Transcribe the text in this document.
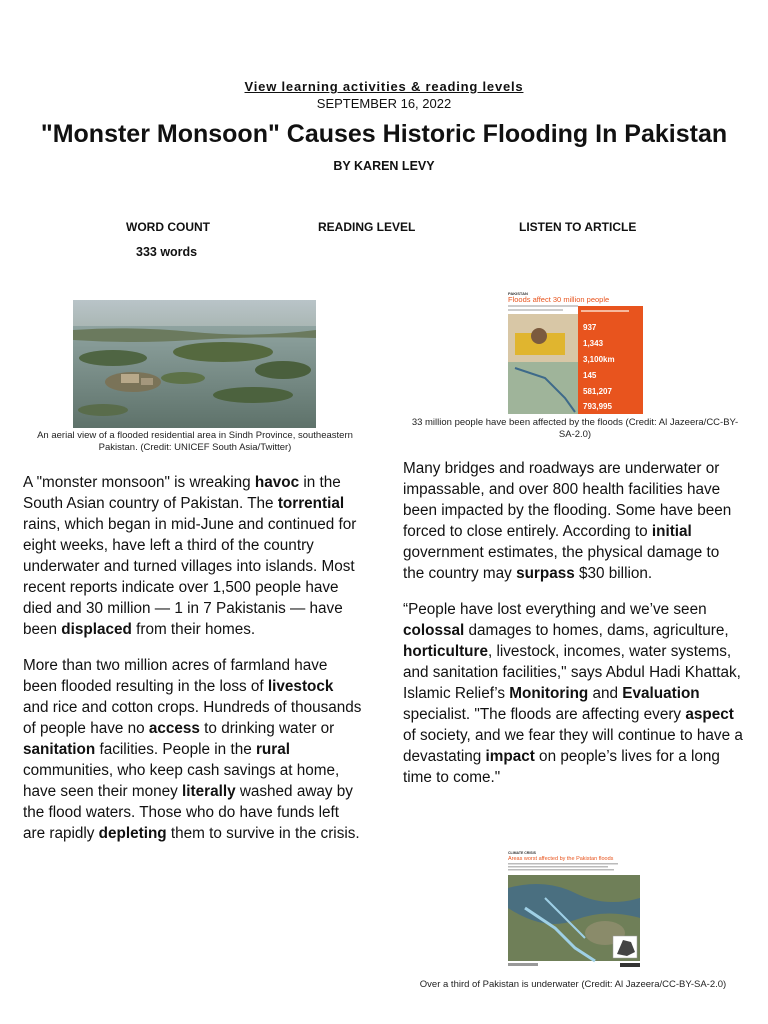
View learning activities & reading levels
SEPTEMBER 16, 2022
"Monster Monsoon" Causes Historic Flooding In Pakistan
BY KAREN LEVY
WORD COUNT
333 words
READING LEVEL	LISTEN TO ARTICLE
An aerial view of a flooded residential area in Sindh Province, southeastern Pakistan. (Credit: UNICEF South Asia/Twitter)
PAKISTAN
Floods affect 30 million people
937
1,343
3,100km
145
581,207
793,995
33 million people have been affected by the floods (Credit: Al Jazeera/CC-BY-SA-2.0)

A "monster monsoon" is wreaking havoc in the South Asian country of Pakistan. The torrential rains, which began in mid-June and continued for eight weeks, have left a third of the country underwater and turned villages into islands. Most recent reports indicate over 1,500 people have died and 30 million — 1 in 7 Pakistanis — have been displaced from their homes.

More than two million acres of farmland have been flooded resulting in the loss of livestock and rice and cotton crops. Hundreds of thousands of people have no access to drinking water or sanitation facilities. People in the rural communities, who keep cash savings at home, have seen their money literally washed away by the flood waters. Those who do have funds left are rapidly depleting them to survive in the crisis.

Many bridges and roadways are underwater or impassable, and over 800 health facilities have been impacted by the flooding. Some have been forced to close entirely. According to initial government estimates, the physical damage to the country may surpass $30 billion.

“People have lost everything and we’ve seen colossal damages to homes, dams, agriculture, horticulture, livestock, incomes, water systems, and sanitation facilities," says Abdul Hadi Khattak, Islamic Relief’s Monitoring and Evaluation specialist. "The floods are affecting every aspect of society, and we fear they will continue to have a devastating impact on people’s lives for a long time to come."

CLIMATE CRISIS
Areas worst affected by the Pakistan floods
Over a third of Pakistan is underwater (Credit: Al Jazeera/CC-BY-SA-2.0)
